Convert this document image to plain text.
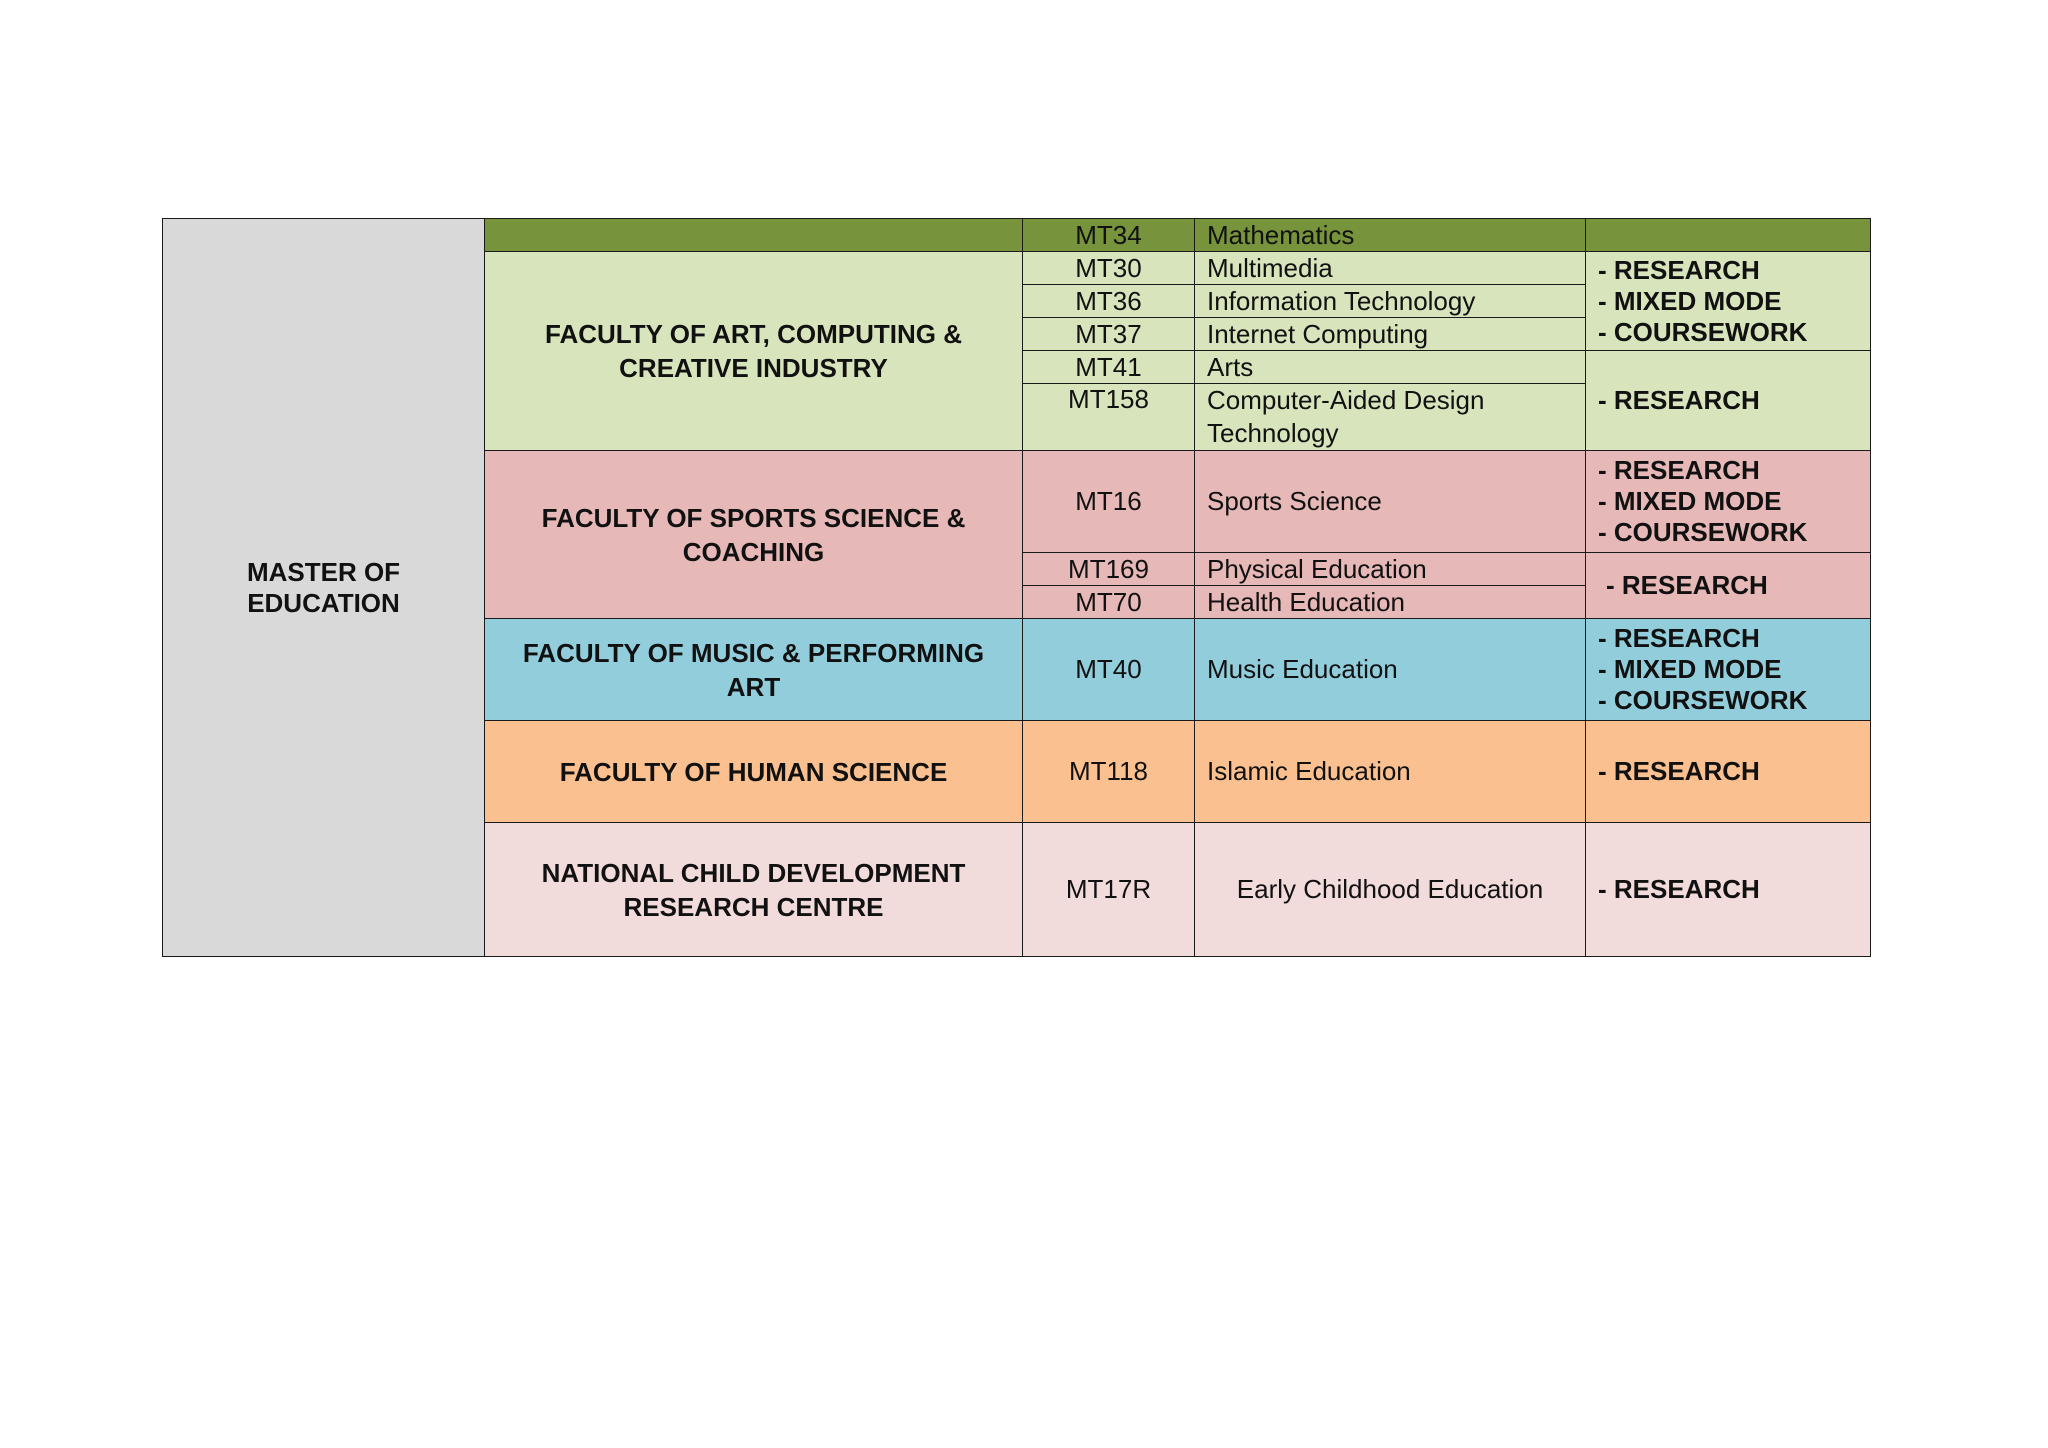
MASTER OF EDUCATION		MT34	Mathematics	
	FACULTY OF ART, COMPUTING & CREATIVE INDUSTRY	MT30	Multimedia	- RESEARCH
- MIXED MODE
- COURSEWORK

		MT36	Information Technology	
		MT37	Internet Computing	
		MT41	Arts	- RESEARCH

		MT158	Computer-Aided Design Technology	
	FACULTY OF SPORTS SCIENCE & COACHING	MT16	Sports Science	- RESEARCH
- MIXED MODE
- COURSEWORK

		MT169	Physical Education	- RESEARCH

		MT70	Health Education	
	FACULTY OF MUSIC & PERFORMING ART	MT40	Music Education	- RESEARCH
- MIXED MODE
- COURSEWORK

	FACULTY OF HUMAN SCIENCE	MT118	Islamic Education	- RESEARCH

	NATIONAL CHILD DEVELOPMENT RESEARCH CENTRE	MT17R	Early Childhood Education	- RESEARCH
